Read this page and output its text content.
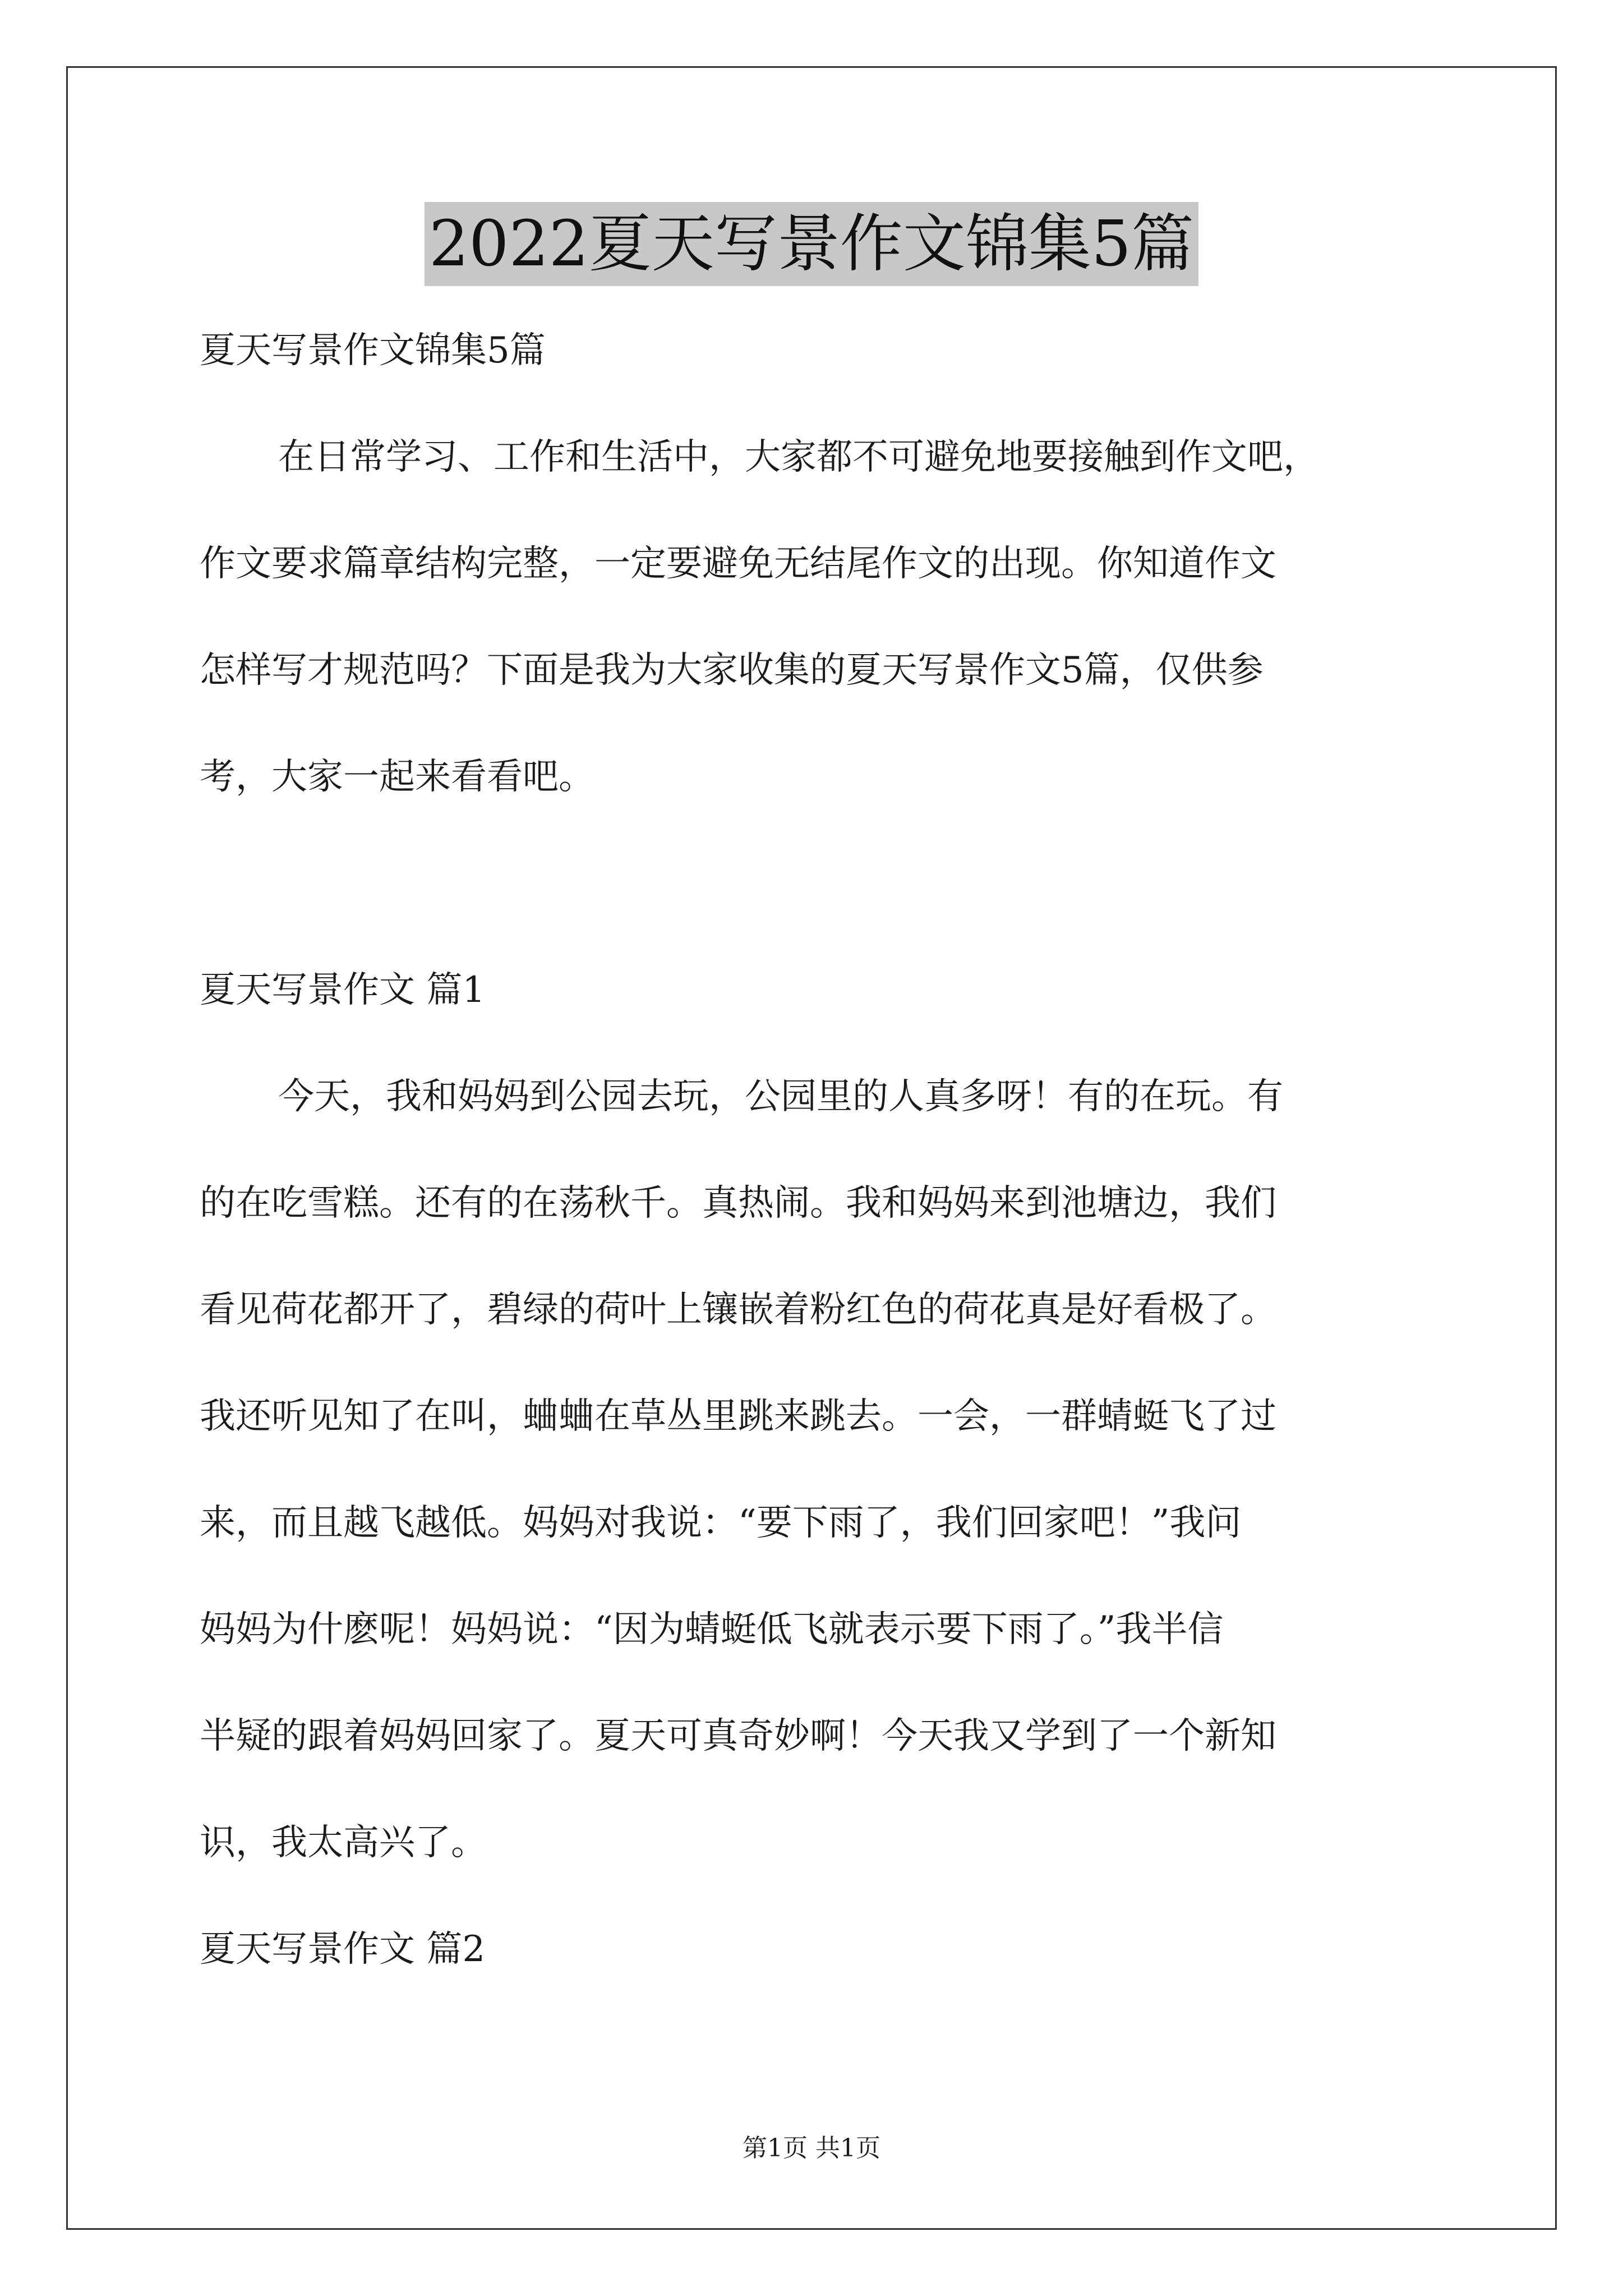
2022夏天写景作文锦集5篇
夏天写景作文锦集5篇
在日常学习、工作和生活中，大家都不可避免地要接触到作文吧，
作文要求篇章结构完整，一定要避免无结尾作文的出现。你知道作文
怎样写才规范吗？下面是我为大家收集的夏天写景作文5篇，仅供参
考，大家一起来看看吧。
夏天写景作文 篇1
今天，我和妈妈到公园去玩，公园里的人真多呀！有的在玩。有
的在吃雪糕。还有的在荡秋千。真热闹。我和妈妈来到池塘边，我们
看见荷花都开了，碧绿的荷叶上镶嵌着粉红色的荷花真是好看极了。
我还听见知了在叫，蛐蛐在草丛里跳来跳去。一会，一群蜻蜓飞了过
来，而且越飞越低。妈妈对我说：“要下雨了，我们回家吧！”我问
妈妈为什麽呢！妈妈说：“因为蜻蜓低飞就表示要下雨了。”我半信
半疑的跟着妈妈回家了。夏天可真奇妙啊！今天我又学到了一个新知
识，我太高兴了。
夏天写景作文 篇2
第1页 共1页
